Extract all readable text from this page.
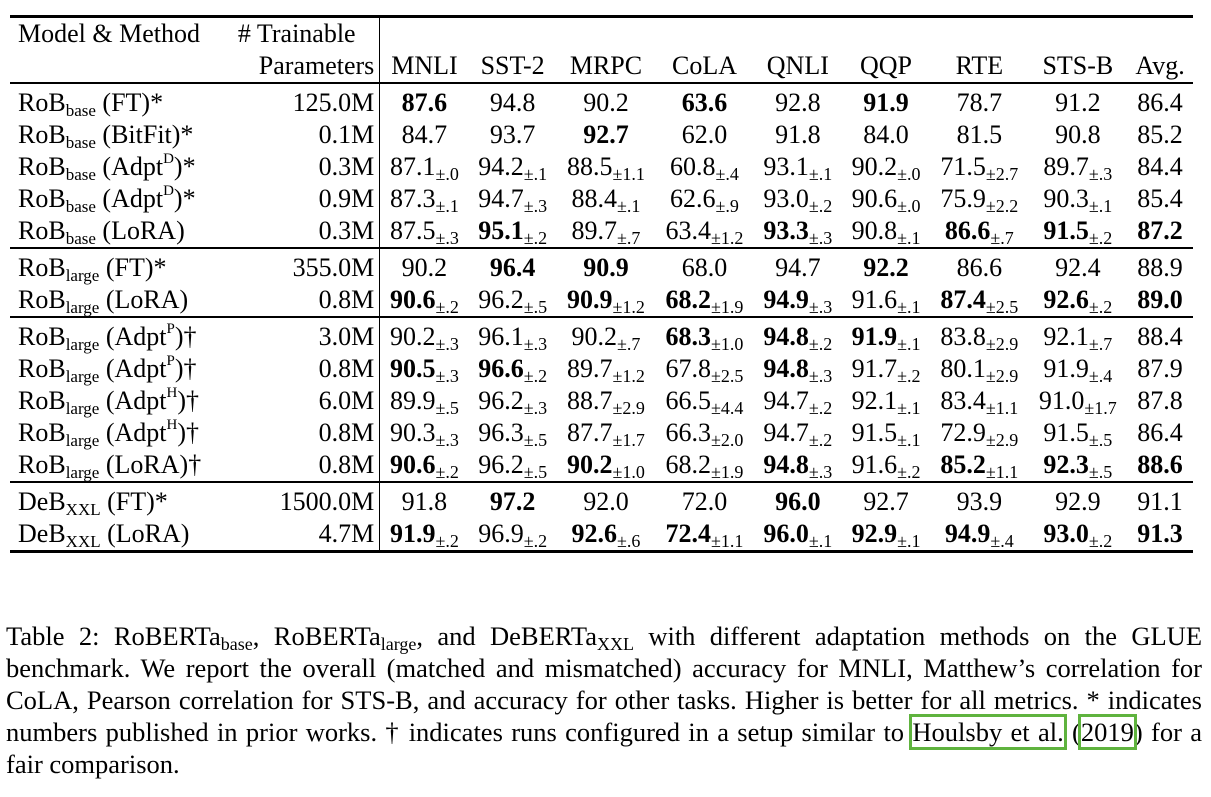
Model & Method	# Trainable									
	Parameters	MNLI	SST-2	MRPC	CoLA	QNLI	QQP	RTE	STS-B	Avg.
RoB$_{base}$ (FT)*	125.0M	87.6	94.8	90.2	63.6	92.8	91.9	78.7	91.2	86.4
RoB$_{base}$ (BitFit)*	0.1M	84.7	93.7	92.7	62.0	91.8	84.0	81.5	90.8	85.2
RoB$_{base}$ (Adpt$^D$)*	0.3M	87.1±.0	94.2±.1	88.5±1.1	60.8±.4	93.1±.1	90.2±.0	71.5±2.7	89.7±.3	84.4
RoB$_{base}$ (Adpt$^D$)*	0.9M	87.3±.1	94.7±.3	88.4±.1	62.6±.9	93.0±.2	90.6±.0	75.9±2.2	90.3±.1	85.4
RoB$_{base}$ (LoRA)	0.3M	87.5±.3	95.1±.2	89.7±.7	63.4±1.2	93.3±.3	90.8±.1	86.6±.7	91.5±.2	87.2
RoB$_{large}$ (FT)*	355.0M	90.2	96.4	90.9	68.0	94.7	92.2	86.6	92.4	88.9
RoB$_{large}$ (LoRA)	0.8M	90.6±.2	96.2±.5	90.9±1.2	68.2±1.9	94.9±.3	91.6±.1	87.4±2.5	92.6±.2	89.0
RoB$_{large}$ (Adpt$^P$)†	3.0M	90.2±.3	96.1±.3	90.2±.7	68.3±1.0	94.8±.2	91.9±.1	83.8±2.9	92.1±.7	88.4
RoB$_{large}$ (Adpt$^P$)†	0.8M	90.5±.3	96.6±.2	89.7±1.2	67.8±2.5	94.8±.3	91.7±.2	80.1±2.9	91.9±.4	87.9
RoB$_{large}$ (Adpt$^H$)†	6.0M	89.9±.5	96.2±.3	88.7±2.9	66.5±4.4	94.7±.2	92.1±.1	83.4±1.1	91.0±1.7	87.8
RoB$_{large}$ (Adpt$^H$)†	0.8M	90.3±.3	96.3±.5	87.7±1.7	66.3±2.0	94.7±.2	91.5±.1	72.9±2.9	91.5±.5	86.4
RoB$_{large}$ (LoRA)†	0.8M	90.6±.2	96.2±.5	90.2±1.0	68.2±1.9	94.8±.3	91.6±.2	85.2±1.1	92.3±.5	88.6
DeB$_{XXL}$ (FT)*	1500.0M	91.8	97.2	92.0	72.0	96.0	92.7	93.9	92.9	91.1
DeB$_{XXL}$ (LoRA)	4.7M	91.9±.2	96.9±.2	92.6±.6	72.4±1.1	96.0±.1	92.9±.1	94.9±.4	93.0±.2	91.3
Table 2: RoBERTabase, RoBERTalarge, and DeBERTaXXL with different adaptation methods on the GLUE benchmark. We report the overall (matched and mismatched) accuracy for MNLI, Matthew’s correlation for CoLA, Pearson correlation for STS-B, and accuracy for other tasks. Higher is better for all metrics. * indicates numbers published in prior works. † indicates runs configured in a setup similar to Houlsby et al. (2019) for a fair comparison.
